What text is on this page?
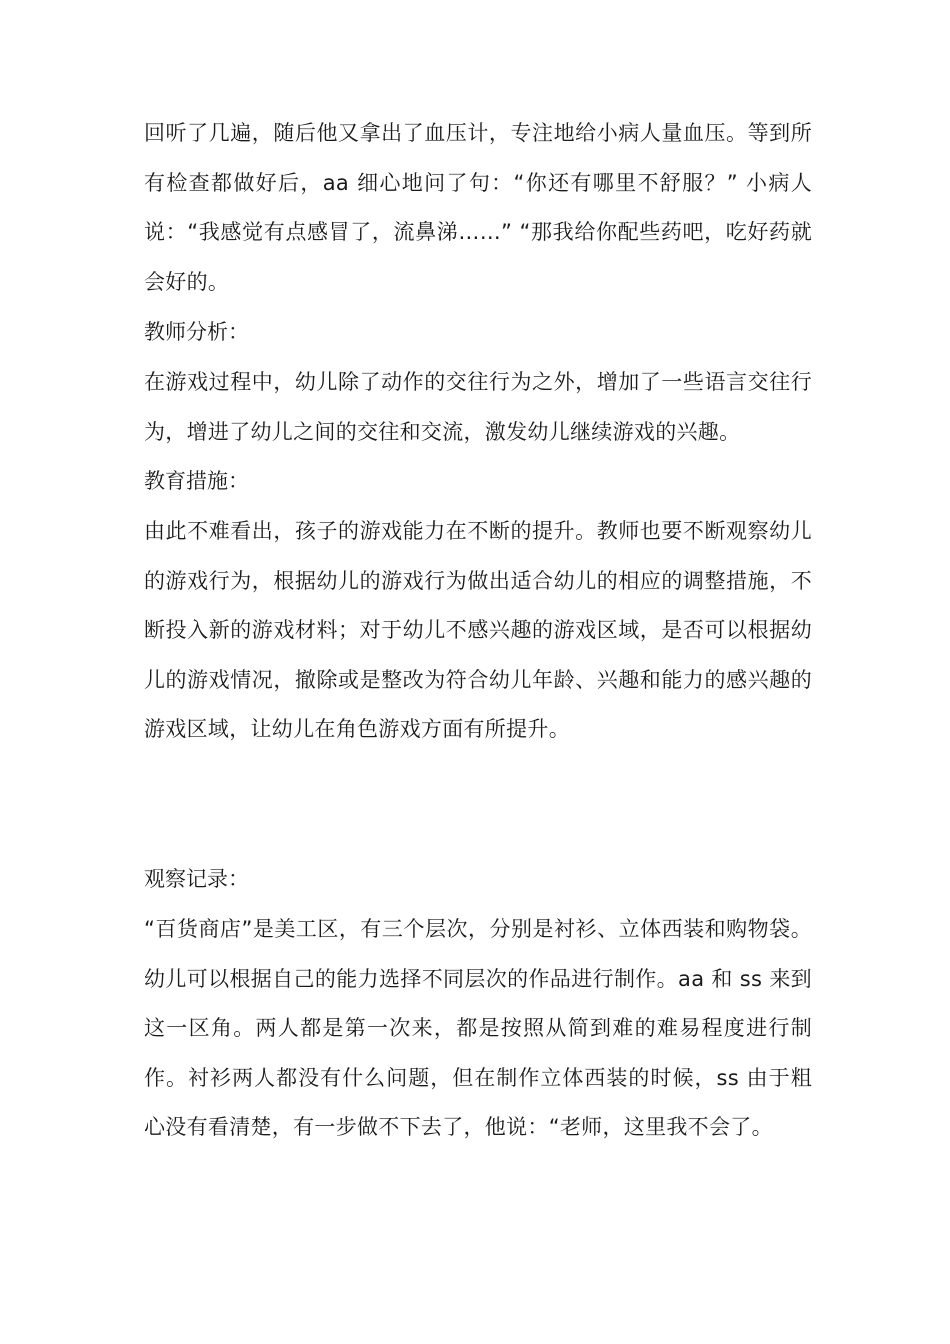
回听了几遍，随后他又拿出了血压计，专注地给小病人量血压。等到所有检查都做好后，aa 细心地问了句：“你还有哪里不舒服？” 小病人说：“我感觉有点感冒了，流鼻涕……” “那我给你配些药吧，吃好药就会好的。

教师分析：

在游戏过程中，幼儿除了动作的交往行为之外，增加了一些语言交往行为，增进了幼儿之间的交往和交流，激发幼儿继续游戏的兴趣。

教育措施：

由此不难看出，孩子的游戏能力在不断的提升。教师也要不断观察幼儿的游戏行为，根据幼儿的游戏行为做出适合幼儿的相应的调整措施，不断投入新的游戏材料；对于幼儿不感兴趣的游戏区域，是否可以根据幼儿的游戏情况，撤除或是整改为符合幼儿年龄、兴趣和能力的感兴趣的游戏区域，让幼儿在角色游戏方面有所提升。

观察记录：

“百货商店”是美工区，有三个层次，分别是衬衫、立体西装和购物袋。幼儿可以根据自己的能力选择不同层次的作品进行制作。aa 和 ss 来到这一区角。两人都是第一次来，都是按照从简到难的难易程度进行制作。衬衫两人都没有什么问题，但在制作立体西装的时候，ss 由于粗心没有看清楚，有一步做不下去了，他说：“老师，这里我不会了。
